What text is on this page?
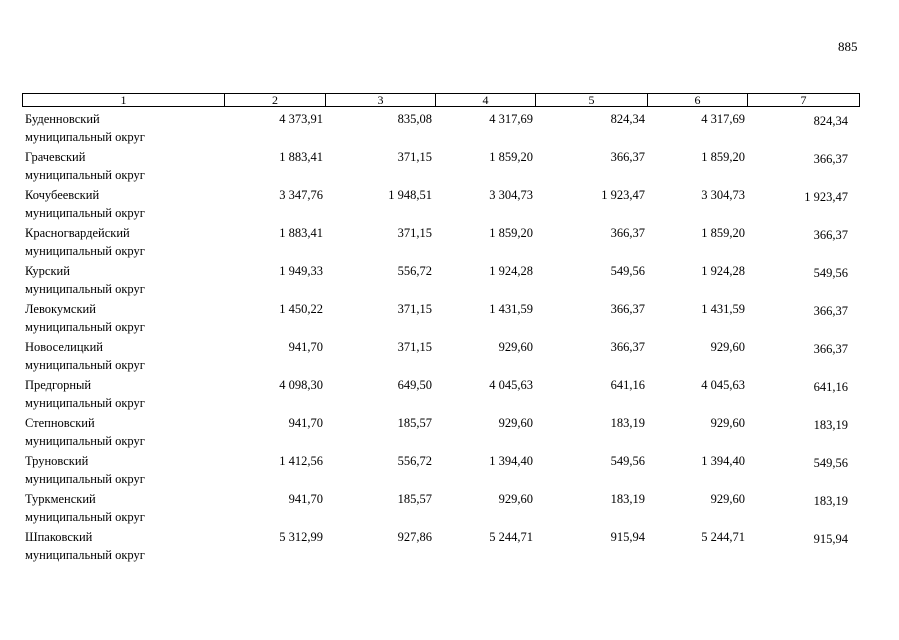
885
1	2	3	4	5	6	7
Буденновский
муниципальный округ
4 373,91	835,08	4 317,69	824,34	4 317,69	824,34
Грачевский
муниципальный округ
1 883,41	371,15	1 859,20	366,37	1 859,20	366,37
Кочубеевский
муниципальный округ
3 347,76	1 948,51	3 304,73	1 923,47	3 304,73	1 923,47
Красногвардейский
муниципальный округ
1 883,41	371,15	1 859,20	366,37	1 859,20	366,37
Курский
муниципальный округ
1 949,33	556,72	1 924,28	549,56	1 924,28	549,56
Левокумский
муниципальный округ
1 450,22	371,15	1 431,59	366,37	1 431,59	366,37
Новоселицкий
муниципальный округ
941,70	371,15	929,60	366,37	929,60	366,37
Предгорный
муниципальный округ
4 098,30	649,50	4 045,63	641,16	4 045,63	641,16
Степновский
муниципальный округ
941,70	185,57	929,60	183,19	929,60	183,19
Труновский
муниципальный округ
1 412,56	556,72	1 394,40	549,56	1 394,40	549,56
Туркменский
муниципальный округ
941,70	185,57	929,60	183,19	929,60	183,19
Шпаковский
муниципальный округ
5 312,99	927,86	5 244,71	915,94	5 244,71	915,94
